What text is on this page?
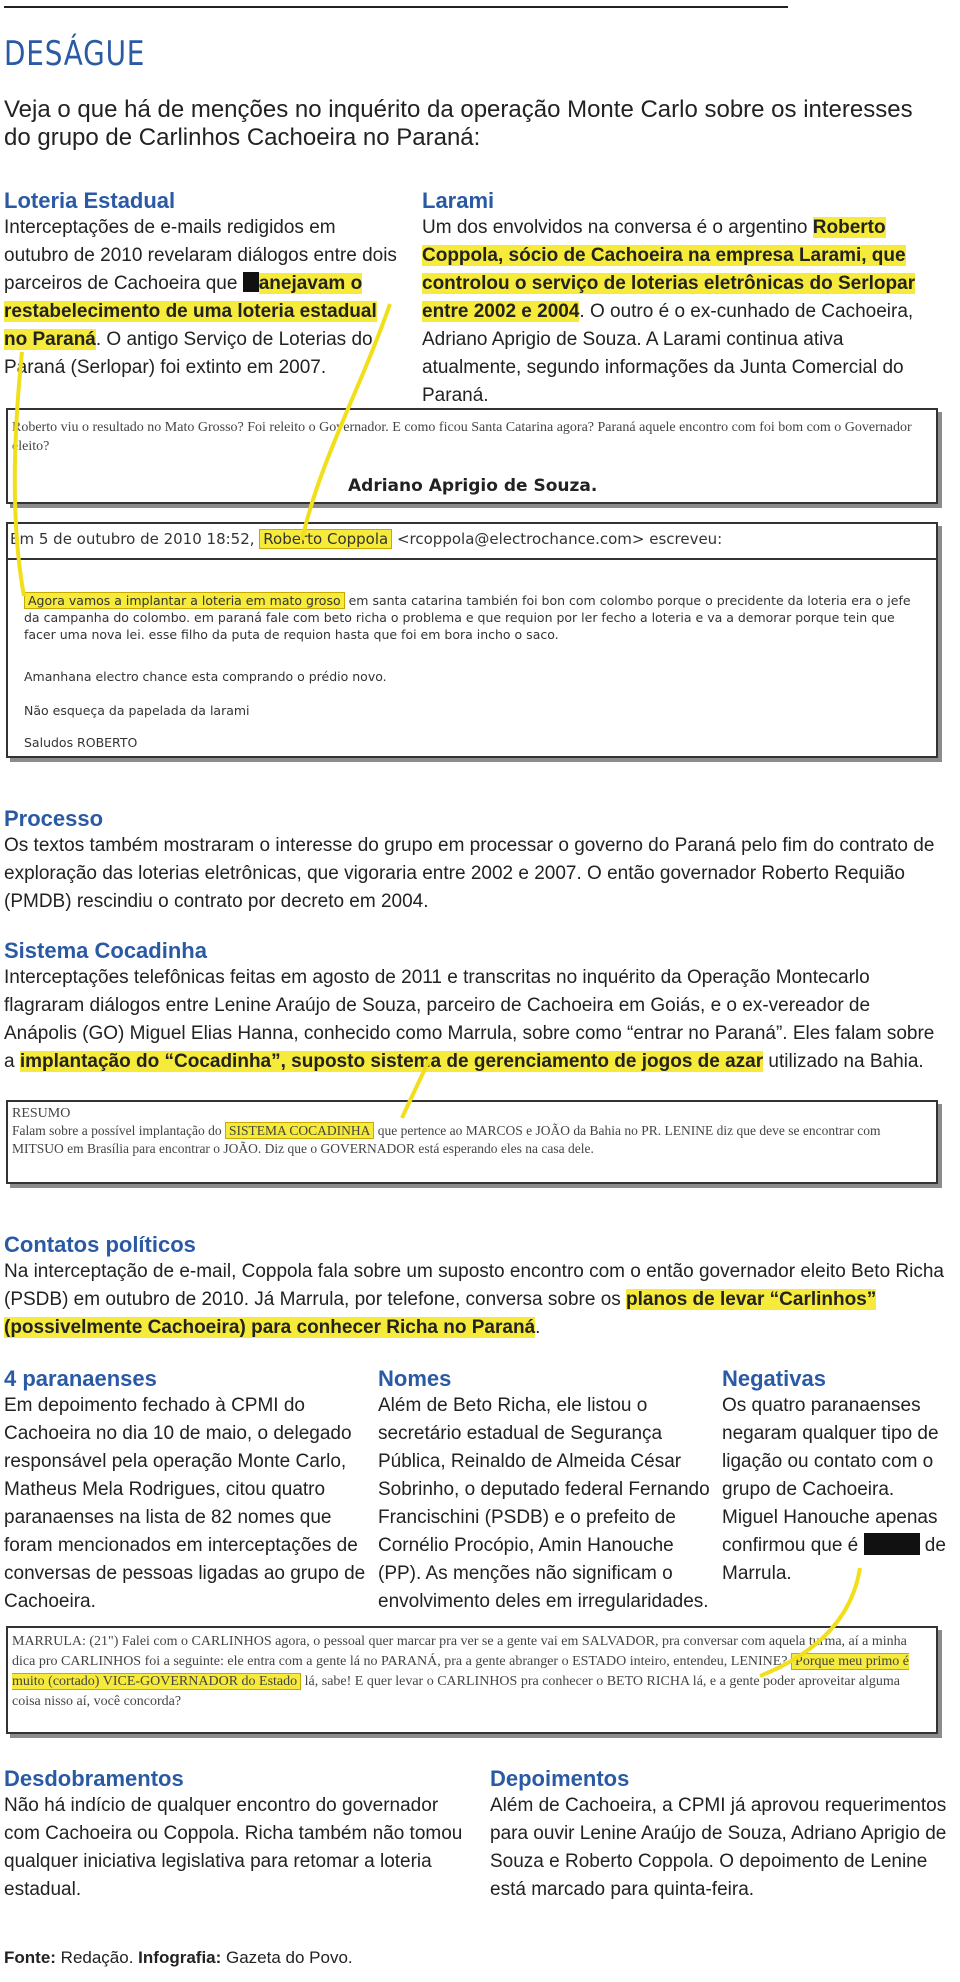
DESÁGUE
Veja o que há de menções no inquérito da operação Monte Carlo sobre os interesses do grupo de Carlinhos Cachoeira no Paraná:
Loteria Estadual
Interceptações de e-mails redigidos em outubro de 2010 revelaram diálogos entre dois parceiros de Cachoeira que anejavam o restabelecimento de uma loteria estadual no Paraná. O antigo Serviço de Loterias do Paraná (Serlopar) foi extinto em 2007.
Larami
Um dos envolvidos na conversa é o argentino Roberto Coppola, sócio de Cachoeira na empresa Larami, que controlou o serviço de loterias eletrônicas do Serlopar entre 2002 e 2004. O outro é o ex-cunhado de Cachoeira, Adriano Aprigio de Souza. A Larami continua ativa atualmente, segundo informações da Junta Comercial do Paraná.
Roberto viu o resultado no Mato Grosso? Foi releito o Governador. E como ficou Santa Catarina agora? Paraná aquele encontro com foi bom com o Governador eleito?
Adriano Aprigio de Souza.
Em 5 de outubro de 2010 18:52, Roberto Coppola <rcoppola@electrochance.com> escreveu:
Agora vamos a implantar a loteria em mato groso em santa catarina también foi bon com colombo porque o precidente da loteria era o jefe da campanha do colombo. em paraná fale com beto richa o problema e que requion por ler fecho a loteria e va a demorar porque tein que facer uma nova lei. esse filho da puta de requion hasta que foi em bora incho o saco.
Amanhana electro chance esta comprando o prédio novo.
Não esqueça da papelada da larami
Saludos ROBERTO
Processo
Os textos também mostraram o interesse do grupo em processar o governo do Paraná pelo fim do contrato de exploração das loterias eletrônicas, que vigoraria entre 2002 e 2007. O então governador Roberto Requião (PMDB) rescindiu o contrato por decreto em 2004.
Sistema Cocadinha
Interceptações telefônicas feitas em agosto de 2011 e transcritas no inquérito da Operação Montecarlo flagraram diálogos entre Lenine Araújo de Souza, parceiro de Cachoeira em Goiás, e o ex-vereador de Anápolis (GO) Miguel Elias Hanna, conhecido como Marrula, sobre como “entrar no Paraná”. Eles falam sobre a implantação do “Cocadinha”, suposto sistema de gerenciamento de jogos de azar utilizado na Bahia.
RESUMO
Falam sobre a possível implantação do SISTEMA COCADINHA que pertence ao MARCOS e JOÃO da Bahia no PR. LENINE diz que deve se encontrar com MITSUO em Brasília para encontrar o JOÃO. Diz que o GOVERNADOR está esperando eles na casa dele.
Contatos políticos
Na interceptação de e-mail, Coppola fala sobre um suposto encontro com o então governador eleito Beto Richa (PSDB) em outubro de 2010. Já Marrula, por telefone, conversa sobre os planos de levar “Carlinhos” (possivelmente Cachoeira) para conhecer Richa no Paraná.
4 paranaenses
Em depoimento fechado à CPMI do Cachoeira no dia 10 de maio, o delegado responsável pela operação Monte Carlo, Matheus Mela Rodrigues, citou quatro paranaenses na lista de 82 nomes que foram mencionados em interceptações de conversas de pessoas ligadas ao grupo de Cachoeira.
Nomes
Além de Beto Richa, ele listou o secretário estadual de Segurança Pública, Reinaldo de Almeida César Sobrinho, o deputado federal Fernando Francischini (PSDB) e o prefeito de Cornélio Procópio, Amin Hanouche (PP). As menções não significam o envolvimento deles em irregularidades.
Negativas
Os quatro paranaenses negaram qualquer tipo de ligação ou contato com o grupo de Cachoeira. Miguel Hanouche apenas confirmou que é	de Marrula.
MARRULA: (21") Falei com o CARLINHOS agora, o pessoal quer marcar pra ver se a gente vai em SALVADOR, pra conversar com aquela turma, aí a minha dica pro CARLINHOS foi a seguinte: ele entra com a gente lá no PARANÁ, pra a gente abranger o ESTADO inteiro, entendeu, LENINE? Porque meu primo é muito (cortado) VICE-GOVERNADOR do Estado lá, sabe! E quer levar o CARLINHOS pra conhecer o BETO RICHA lá, e a gente poder aproveitar alguma coisa nisso aí, você concorda?
Desdobramentos
Não há indício de qualquer encontro do governador com Cachoeira ou Coppola. Richa também não tomou qualquer iniciativa legislativa para retomar a loteria estadual.
Depoimentos
Além de Cachoeira, a CPMI já aprovou requerimentos para ouvir Lenine Araújo de Souza, Adriano Aprigio de Souza e Roberto Coppola. O depoimento de Lenine está marcado para quinta-feira.
Fonte: Redação. Infografia: Gazeta do Povo.
